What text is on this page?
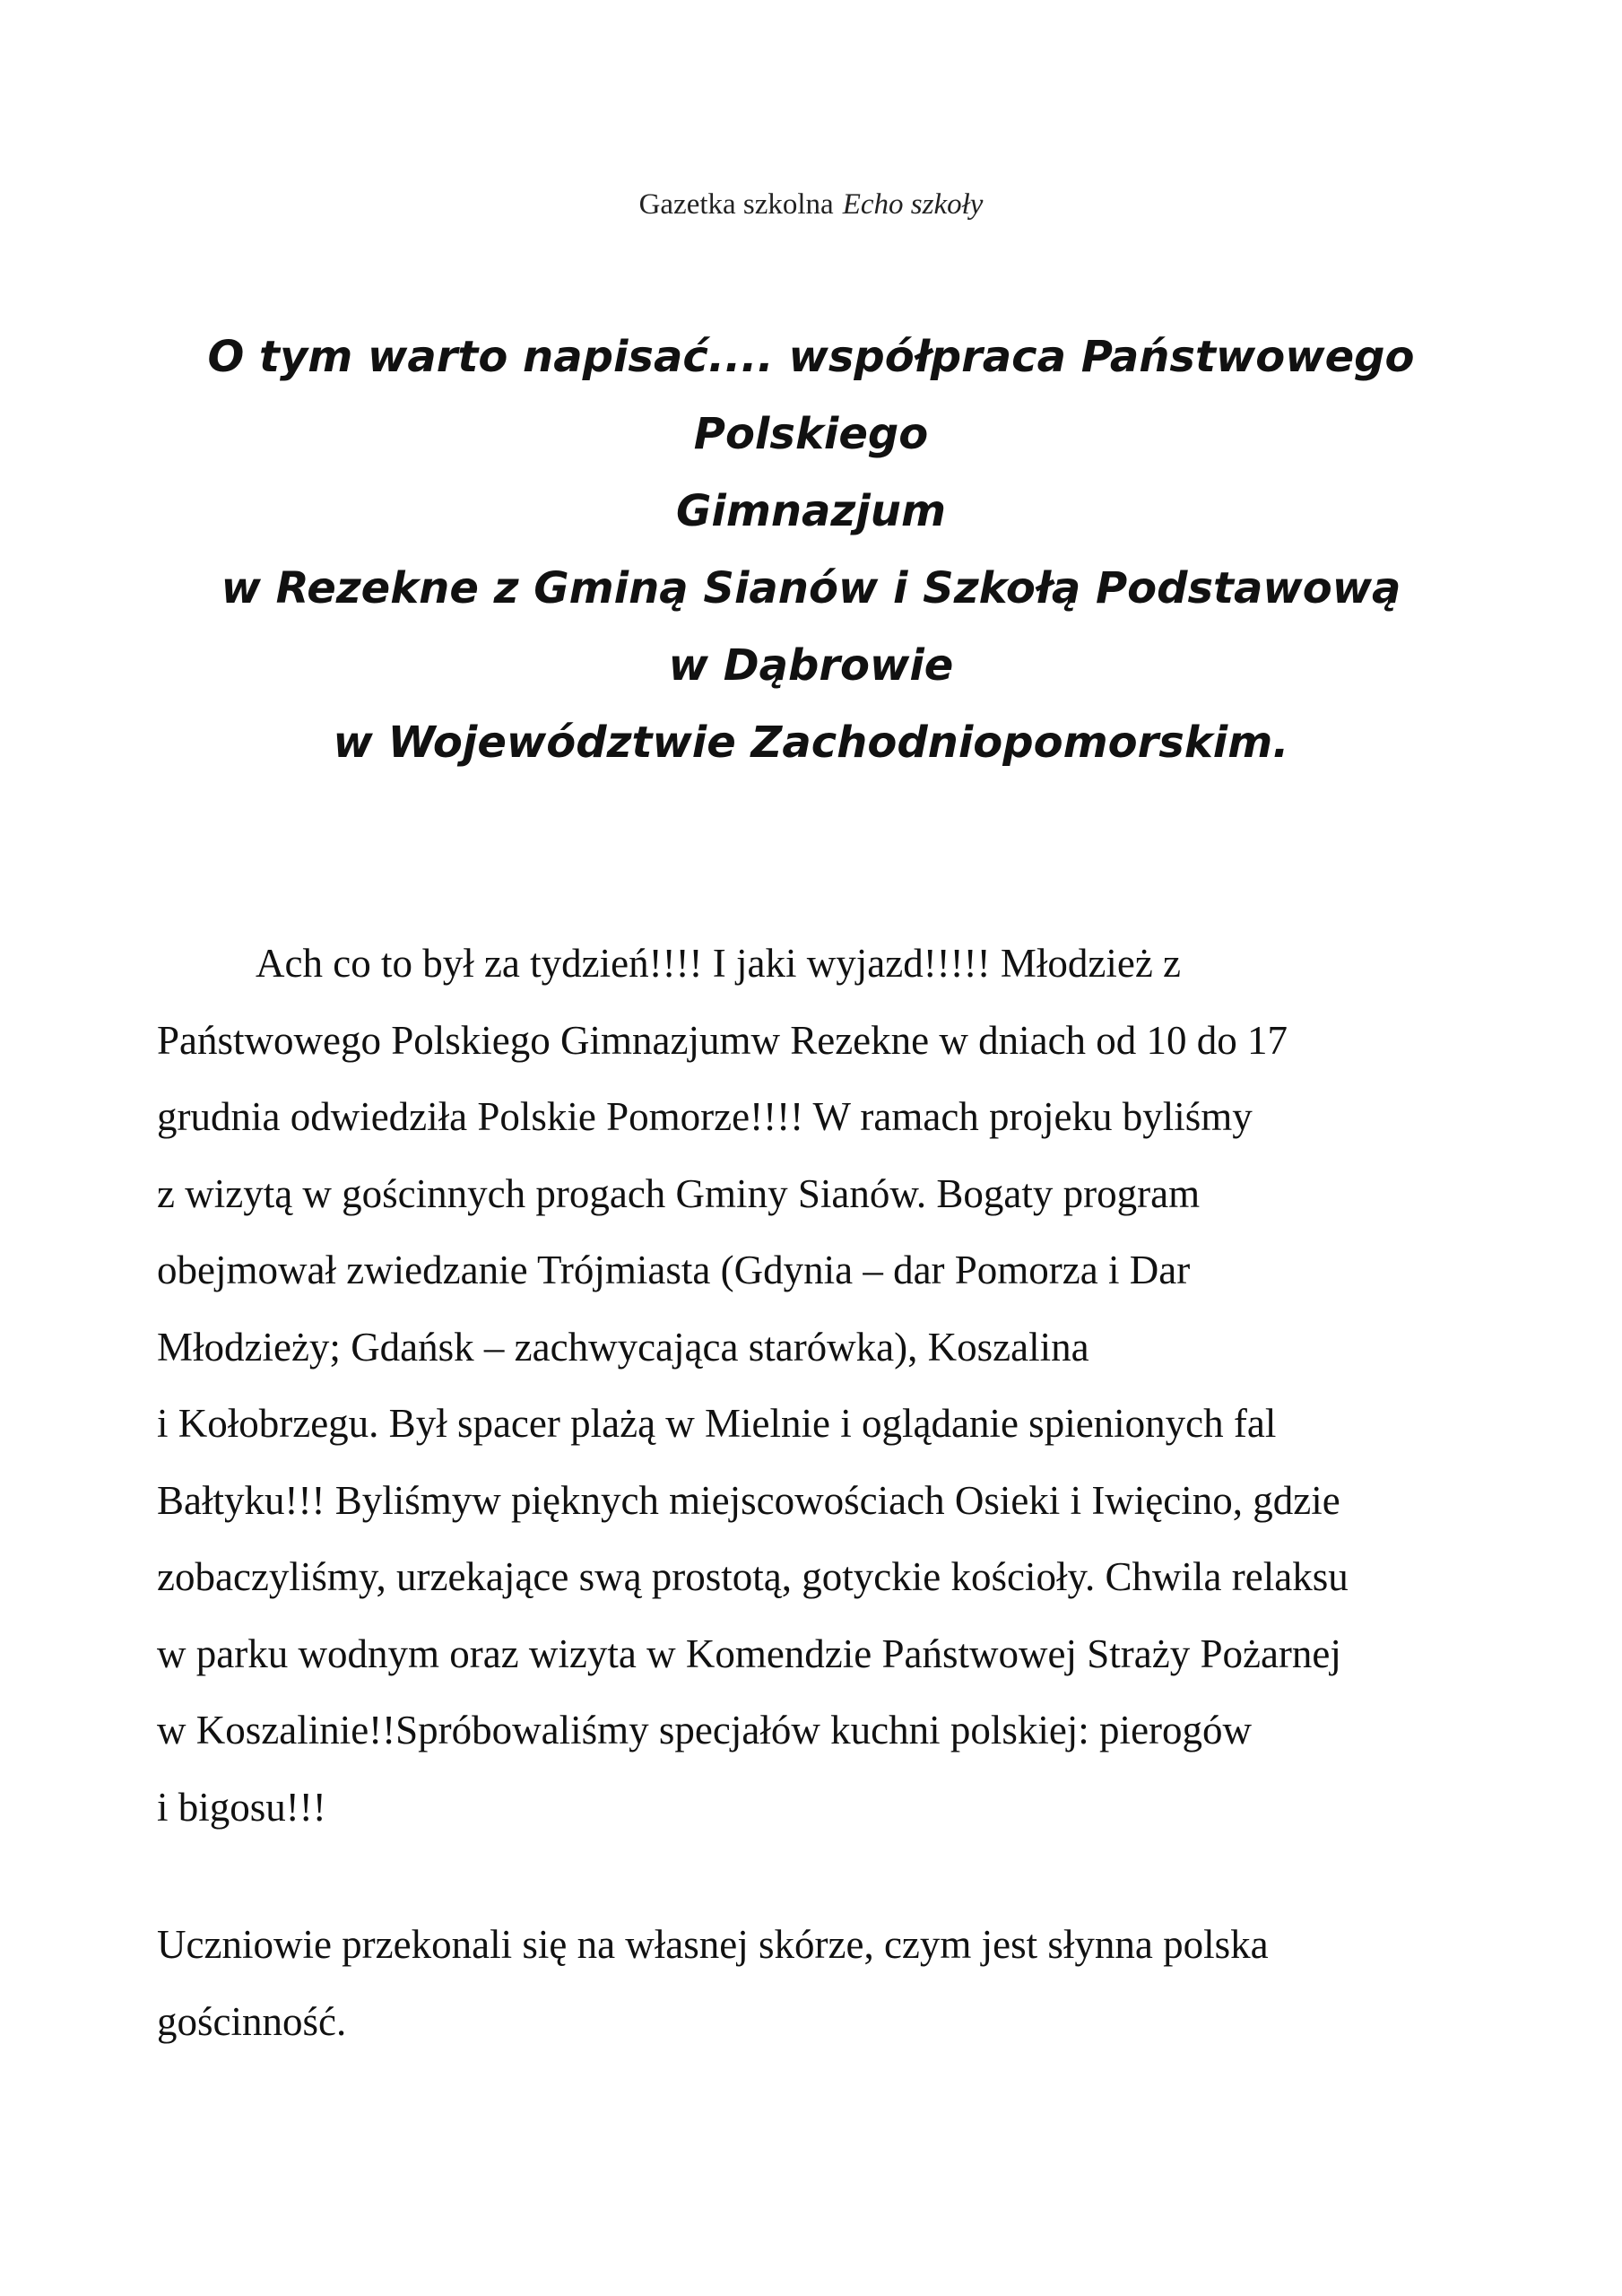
Gazetka szkolna Echo szkoły
O tym warto napisać.... współpraca Państwowego Polskiego
Gimnazjum
w Rezekne z Gminą Sianów i Szkołą Podstawową
w Dąbrowie
w Województwie Zachodniopomorskim.
Ach co to był za tydzień!!!! I jaki wyjazd!!!!! Młodzież z
Państwowego Polskiego Gimnazjumw Rezekne w dniach od 10 do 17
grudnia odwiedziła Polskie Pomorze!!!! W ramach projeku byliśmy
z wizytą w gościnnych progach Gminy Sianów. Bogaty program
obejmował zwiedzanie Trójmiasta (Gdynia – dar Pomorza i Dar
Młodzieży; Gdańsk – zachwycająca starówka), Koszalina
i Kołobrzegu. Był spacer plażą w Mielnie i oglądanie spienionych fal
Bałtyku!!! Byliśmyw pięknych miejscowościach Osieki i Iwięcino, gdzie
zobaczyliśmy, urzekające swą prostotą, gotyckie kościoły. Chwila relaksu
w parku wodnym oraz wizyta w Komendzie Państwowej Straży Pożarnej
w Koszalinie!!Spróbowaliśmy specjałów kuchni polskiej: pierogów
i bigosu!!!
Uczniowie przekonali się na własnej skórze, czym jest słynna polska
gościnność.
